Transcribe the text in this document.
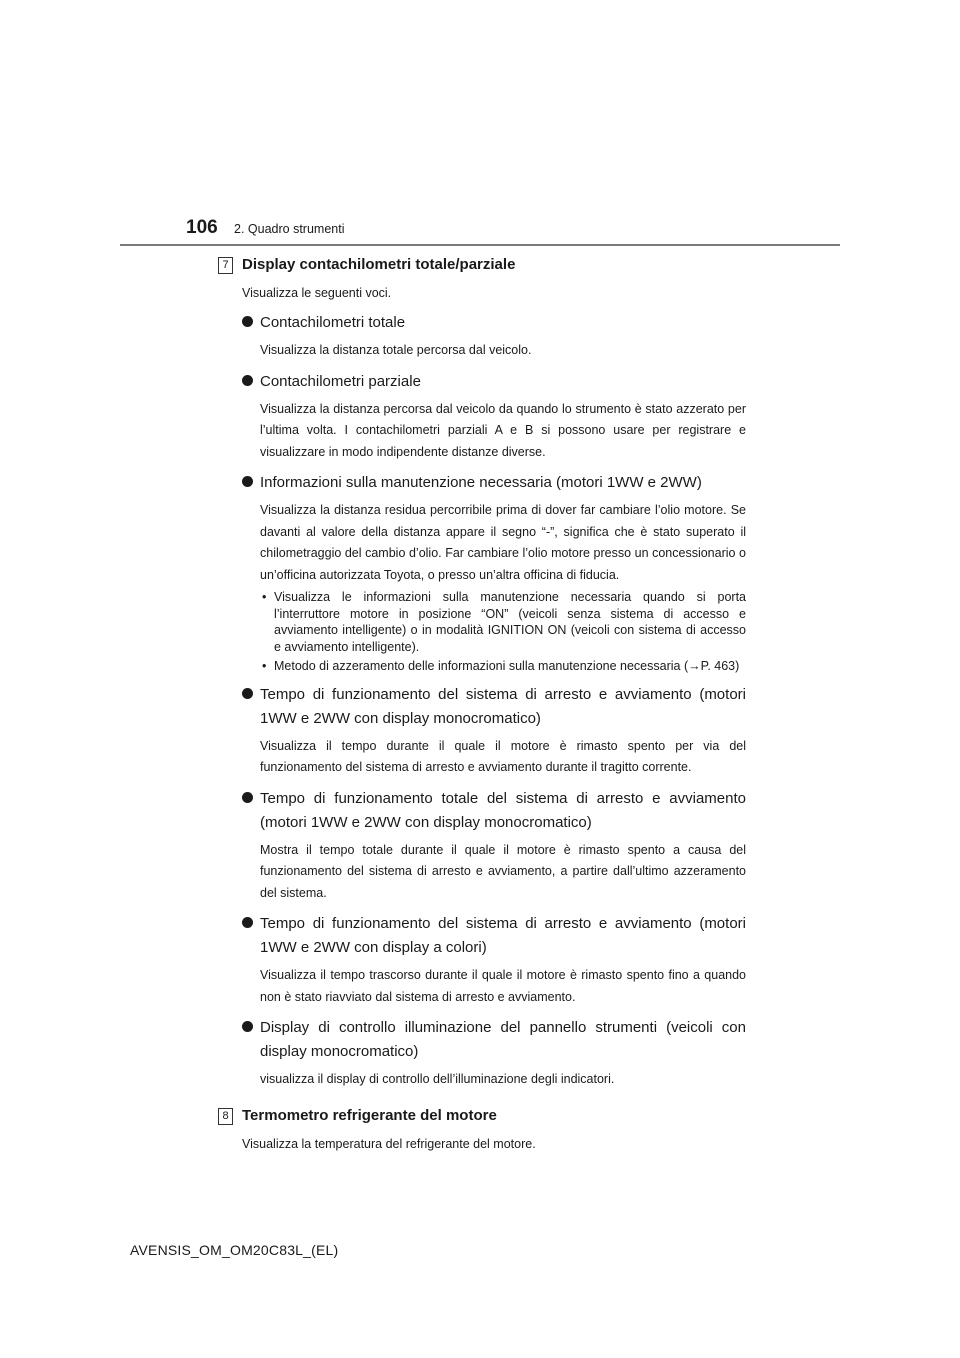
106 2. Quadro strumenti
7 Display contachilometri totale/parziale

Visualizza le seguenti voci.

Contachilometri totale

Visualizza la distanza totale percorsa dal veicolo.

Contachilometri parziale

Visualizza la distanza percorsa dal veicolo da quando lo strumento è stato azzerato per l’ultima volta. I contachilometri parziali A e B si possono usare per registrare e visualizzare in modo indipendente distanze diverse.

Informazioni sulla manutenzione necessaria (motori 1WW e 2WW)

Visualizza la distanza residua percorribile prima di dover far cambiare l’olio motore. Se davanti al valore della distanza appare il segno “-”, significa che è stato superato il chilometraggio del cambio d’olio. Far cambiare l’olio motore presso un concessionario o un’officina autorizzata Toyota, o presso un’altra officina di fiducia.

• Visualizza le informazioni sulla manutenzione necessaria quando si porta l’interruttore motore in posizione “ON” (veicoli senza sistema di accesso e avviamento intelligente) o in modalità IGNITION ON (veicoli con sistema di accesso e avviamento intelligente).
• Metodo di azzeramento delle informazioni sulla manutenzione necessaria (→P. 463)

Tempo di funzionamento del sistema di arresto e avviamento (motori 1WW e 2WW con display monocromatico)

Visualizza il tempo durante il quale il motore è rimasto spento per via del funzionamento del sistema di arresto e avviamento durante il tragitto corrente.

Tempo di funzionamento totale del sistema di arresto e avviamento (motori 1WW e 2WW con display monocromatico)

Mostra il tempo totale durante il quale il motore è rimasto spento a causa del funzionamento del sistema di arresto e avviamento, a partire dall’ultimo azzeramento del sistema.

Tempo di funzionamento del sistema di arresto e avviamento (motori 1WW e 2WW con display a colori)

Visualizza il tempo trascorso durante il quale il motore è rimasto spento fino a quando non è stato riavviato dal sistema di arresto e avviamento.

Display di controllo illuminazione del pannello strumenti (veicoli con display monocromatico)

visualizza il display di controllo dell’illuminazione degli indicatori.

8 Termometro refrigerante del motore

Visualizza la temperatura del refrigerante del motore.

AVENSIS_OM_OM20C83L_(EL)
